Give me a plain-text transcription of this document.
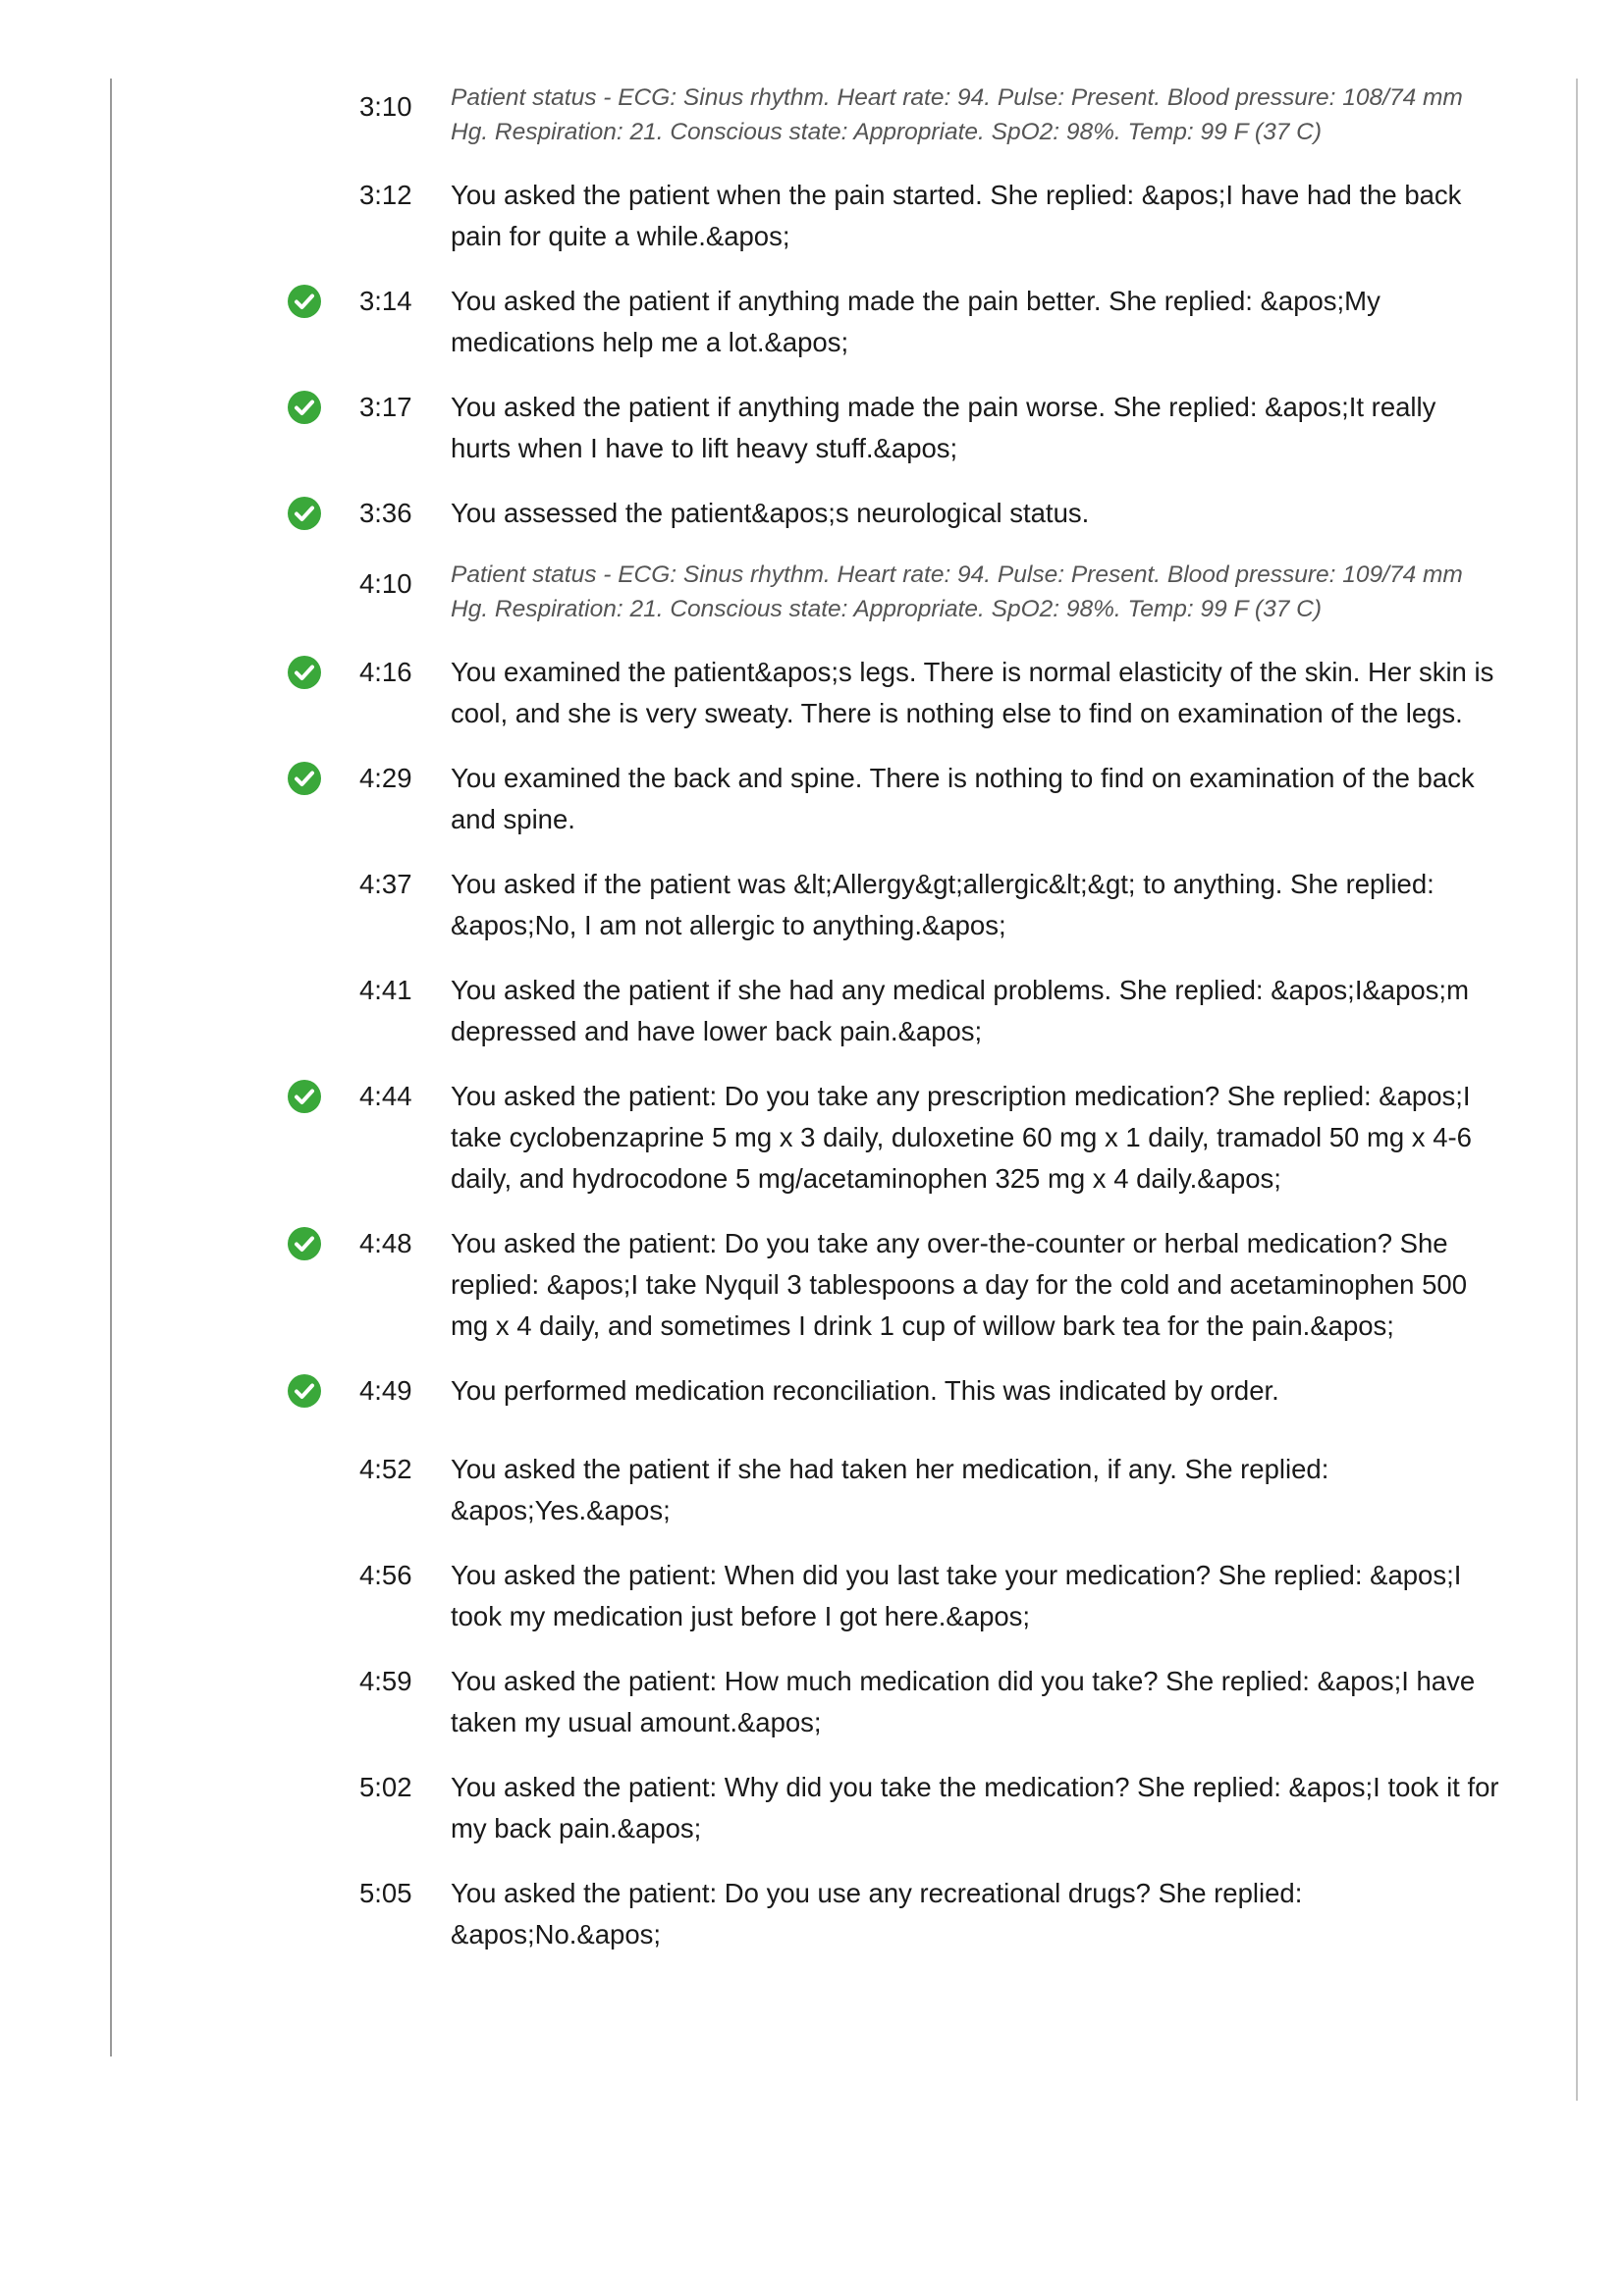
3:10 Patient status - ECG: Sinus rhythm. Heart rate: 94. Pulse: Present. Blood pressure: 108/74 mm Hg. Respiration: 21. Conscious state: Appropriate. SpO2: 98%. Temp: 99 F (37 C)
3:12 You asked the patient when the pain started. She replied: &apos;I have had the back pain for quite a while.&apos;
3:14 You asked the patient if anything made the pain better. She replied: &apos;My medications help me a lot.&apos;
3:17 You asked the patient if anything made the pain worse. She replied: &apos;It really hurts when I have to lift heavy stuff.&apos;
3:36 You assessed the patient&apos;s neurological status.
4:10 Patient status - ECG: Sinus rhythm. Heart rate: 94. Pulse: Present. Blood pressure: 109/74 mm Hg. Respiration: 21. Conscious state: Appropriate. SpO2: 98%. Temp: 99 F (37 C)
4:16 You examined the patient&apos;s legs. There is normal elasticity of the skin. Her skin is cool, and she is very sweaty. There is nothing else to find on examination of the legs.
4:29 You examined the back and spine. There is nothing to find on examination of the back and spine.
4:37 You asked if the patient was &lt;Allergy&gt;allergic&lt;&gt; to anything. She replied: &apos;No, I am not allergic to anything.&apos;
4:41 You asked the patient if she had any medical problems. She replied: &apos;I&apos;m depressed and have lower back pain.&apos;
4:44 You asked the patient: Do you take any prescription medication? She replied: &apos;I take cyclobenzaprine 5 mg x 3 daily, duloxetine 60 mg x 1 daily, tramadol 50 mg x 4-6 daily, and hydrocodone 5 mg/acetaminophen 325 mg x 4 daily.&apos;
4:48 You asked the patient: Do you take any over-the-counter or herbal medication? She replied: &apos;I take Nyquil 3 tablespoons a day for the cold and acetaminophen 500 mg x 4 daily, and sometimes I drink 1 cup of willow bark tea for the pain.&apos;
4:49 You performed medication reconciliation. This was indicated by order.
4:52 You asked the patient if she had taken her medication, if any. She replied: &apos;Yes.&apos;
4:56 You asked the patient: When did you last take your medication? She replied: &apos;I took my medication just before I got here.&apos;
4:59 You asked the patient: How much medication did you take? She replied: &apos;I have taken my usual amount.&apos;
5:02 You asked the patient: Why did you take the medication? She replied: &apos;I took it for my back pain.&apos;
5:05 You asked the patient: Do you use any recreational drugs? She replied: &apos;No.&apos;
